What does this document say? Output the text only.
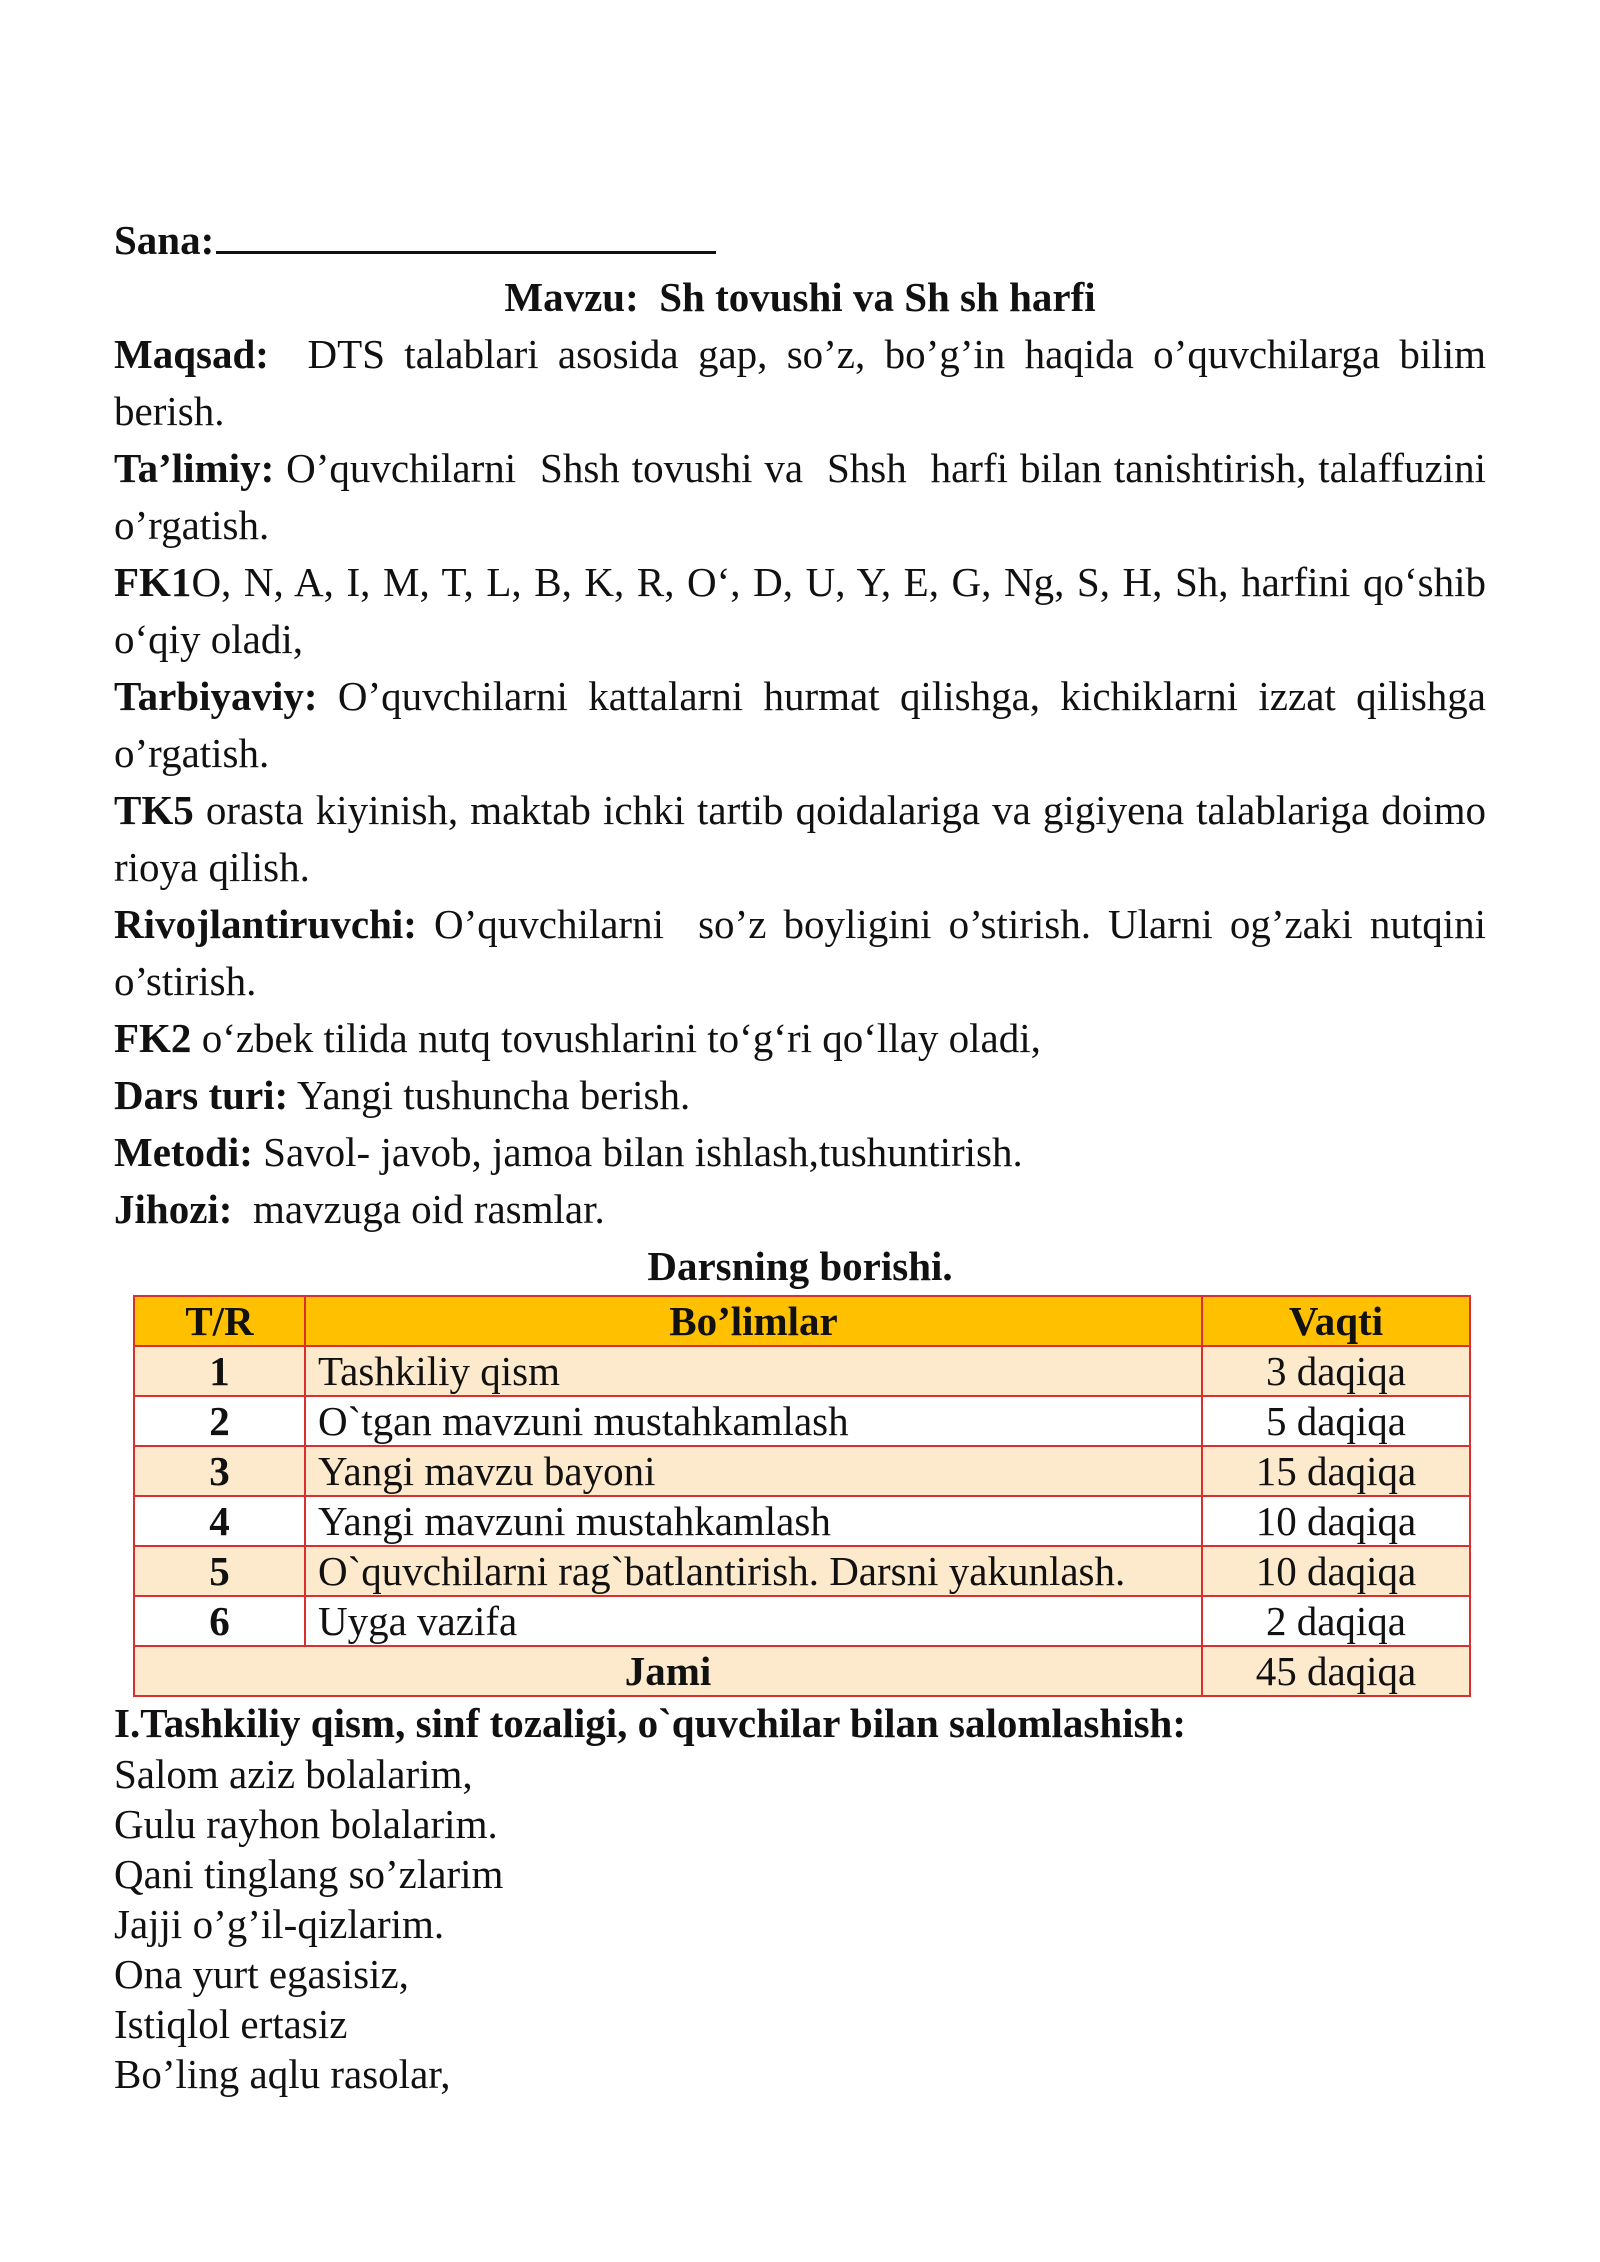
Sana:

Mavzu:  Sh tovushi va Sh sh harfi

Maqsad:  DTS talablari asosida gap, so’z, bo’g’in haqida o’quvchilarga bilim berish.

Ta’limiy: O’quvchilarni  Shsh tovushi va  Shsh  harfi bilan tanishtirish, talaffuzini o’rgatish.

FK1O, N, A, I, M, T, L, B, K, R, O‘, D, U, Y, E, G, Ng, S, H, Sh, harfini qo‘shib o‘qiy oladi,

Tarbiyaviy: O’quvchilarni kattalarni hurmat qilishga, kichiklarni izzat qilishga o’rgatish.

TK5 orasta kiyinish, maktab ichki tartib qoidalariga va gigiyena talablariga doimo rioya qilish.

Rivojlantiruvchi: O’quvchilarni  so’z boyligini o’stirish. Ularni og’zaki nutqini o’stirish.

FK2 o‘zbek tilida nutq tovushlarini to‘g‘ri qo‘llay oladi,

Dars turi: Yangi tushuncha berish.

Metodi: Savol- javob, jamoa bilan ishlash,tushuntirish.

Jihozi:  mavzuga oid rasmlar.

Darsning borishi.

T/R	Bo’limlar	Vaqti
1	Tashkiliy qism	3 daqiqa
2	O`tgan mavzuni mustahkamlash	5 daqiqa
3	Yangi mavzu bayoni	15 daqiqa
4	Yangi mavzuni mustahkamlash	10 daqiqa
5	O`quvchilarni rag`batlantirish. Darsni yakunlash.	10 daqiqa
6	Uyga vazifa	2 daqiqa
Jami		45 daqiqa

I.Tashkiliy qism, sinf tozaligi, o`quvchilar bilan salomlashish:

Salom aziz bolalarim,

Gulu rayhon bolalarim.

Qani tinglang so’zlarim

Jajji o’g’il-qizlarim.

Ona yurt egasisiz,

Istiqlol ertasiz

Bo’ling aqlu rasolar,
